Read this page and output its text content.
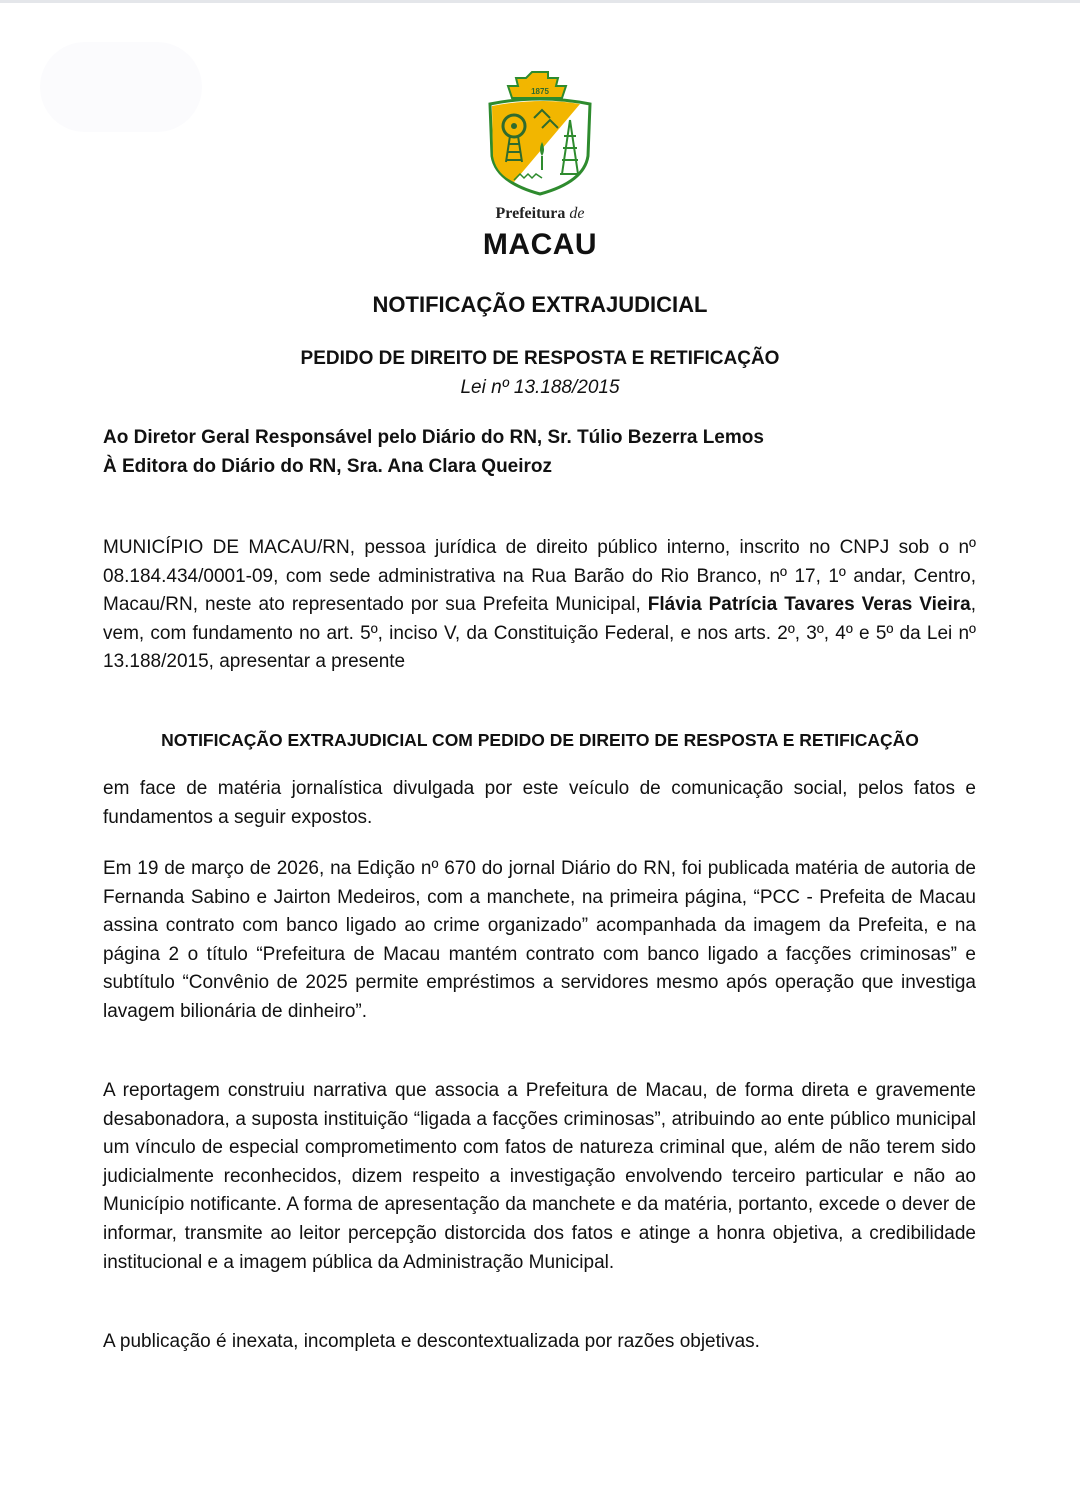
1875
Prefeitura de
MACAU
NOTIFICAÇÃO EXTRAJUDICIAL
PEDIDO DE DIREITO DE RESPOSTA E RETIFICAÇÃO
Lei nº 13.188/2015
Ao Diretor Geral Responsável pelo Diário do RN, Sr. Túlio Bezerra Lemos
À Editora do Diário do RN, Sra. Ana Clara Queiroz

MUNICÍPIO DE MACAU/RN, pessoa jurídica de direito público interno, inscrito no CNPJ sob o nº 08.184.434/0001-09, com sede administrativa na Rua Barão do Rio Branco, nº 17, 1º andar, Centro, Macau/RN, neste ato representado por sua Prefeita Municipal, Flávia Patrícia Tavares Veras Vieira, vem, com fundamento no art. 5º, inciso V, da Constituição Federal, e nos arts. 2º, 3º, 4º e 5º da Lei nº 13.188/2015, apresentar a presente

NOTIFICAÇÃO EXTRAJUDICIAL COM PEDIDO DE DIREITO DE RESPOSTA E RETIFICAÇÃO

em face de matéria jornalística divulgada por este veículo de comunicação social, pelos fatos e fundamentos a seguir expostos.

Em 19 de março de 2026, na Edição nº 670 do jornal Diário do RN, foi publicada matéria de autoria de Fernanda Sabino e Jairton Medeiros, com a manchete, na primeira página, “PCC - Prefeita de Macau assina contrato com banco ligado ao crime organizado” acompanhada da imagem da Prefeita, e na página 2 o título “Prefeitura de Macau mantém contrato com banco ligado a facções criminosas” e subtítulo “Convênio de 2025 permite empréstimos a servidores mesmo após operação que investiga lavagem bilionária de dinheiro”.

A reportagem construiu narrativa que associa a Prefeitura de Macau, de forma direta e gravemente desabonadora, a suposta instituição “ligada a facções criminosas”, atribuindo ao ente público municipal um vínculo de especial comprometimento com fatos de natureza criminal que, além de não terem sido judicialmente reconhecidos, dizem respeito a investigação envolvendo terceiro particular e não ao Município notificante. A forma de apresentação da manchete e da matéria, portanto, excede o dever de informar, transmite ao leitor percepção distorcida dos fatos e atinge a honra objetiva, a credibilidade institucional e a imagem pública da Administração Municipal.

A publicação é inexata, incompleta e descontextualizada por razões objetivas.
